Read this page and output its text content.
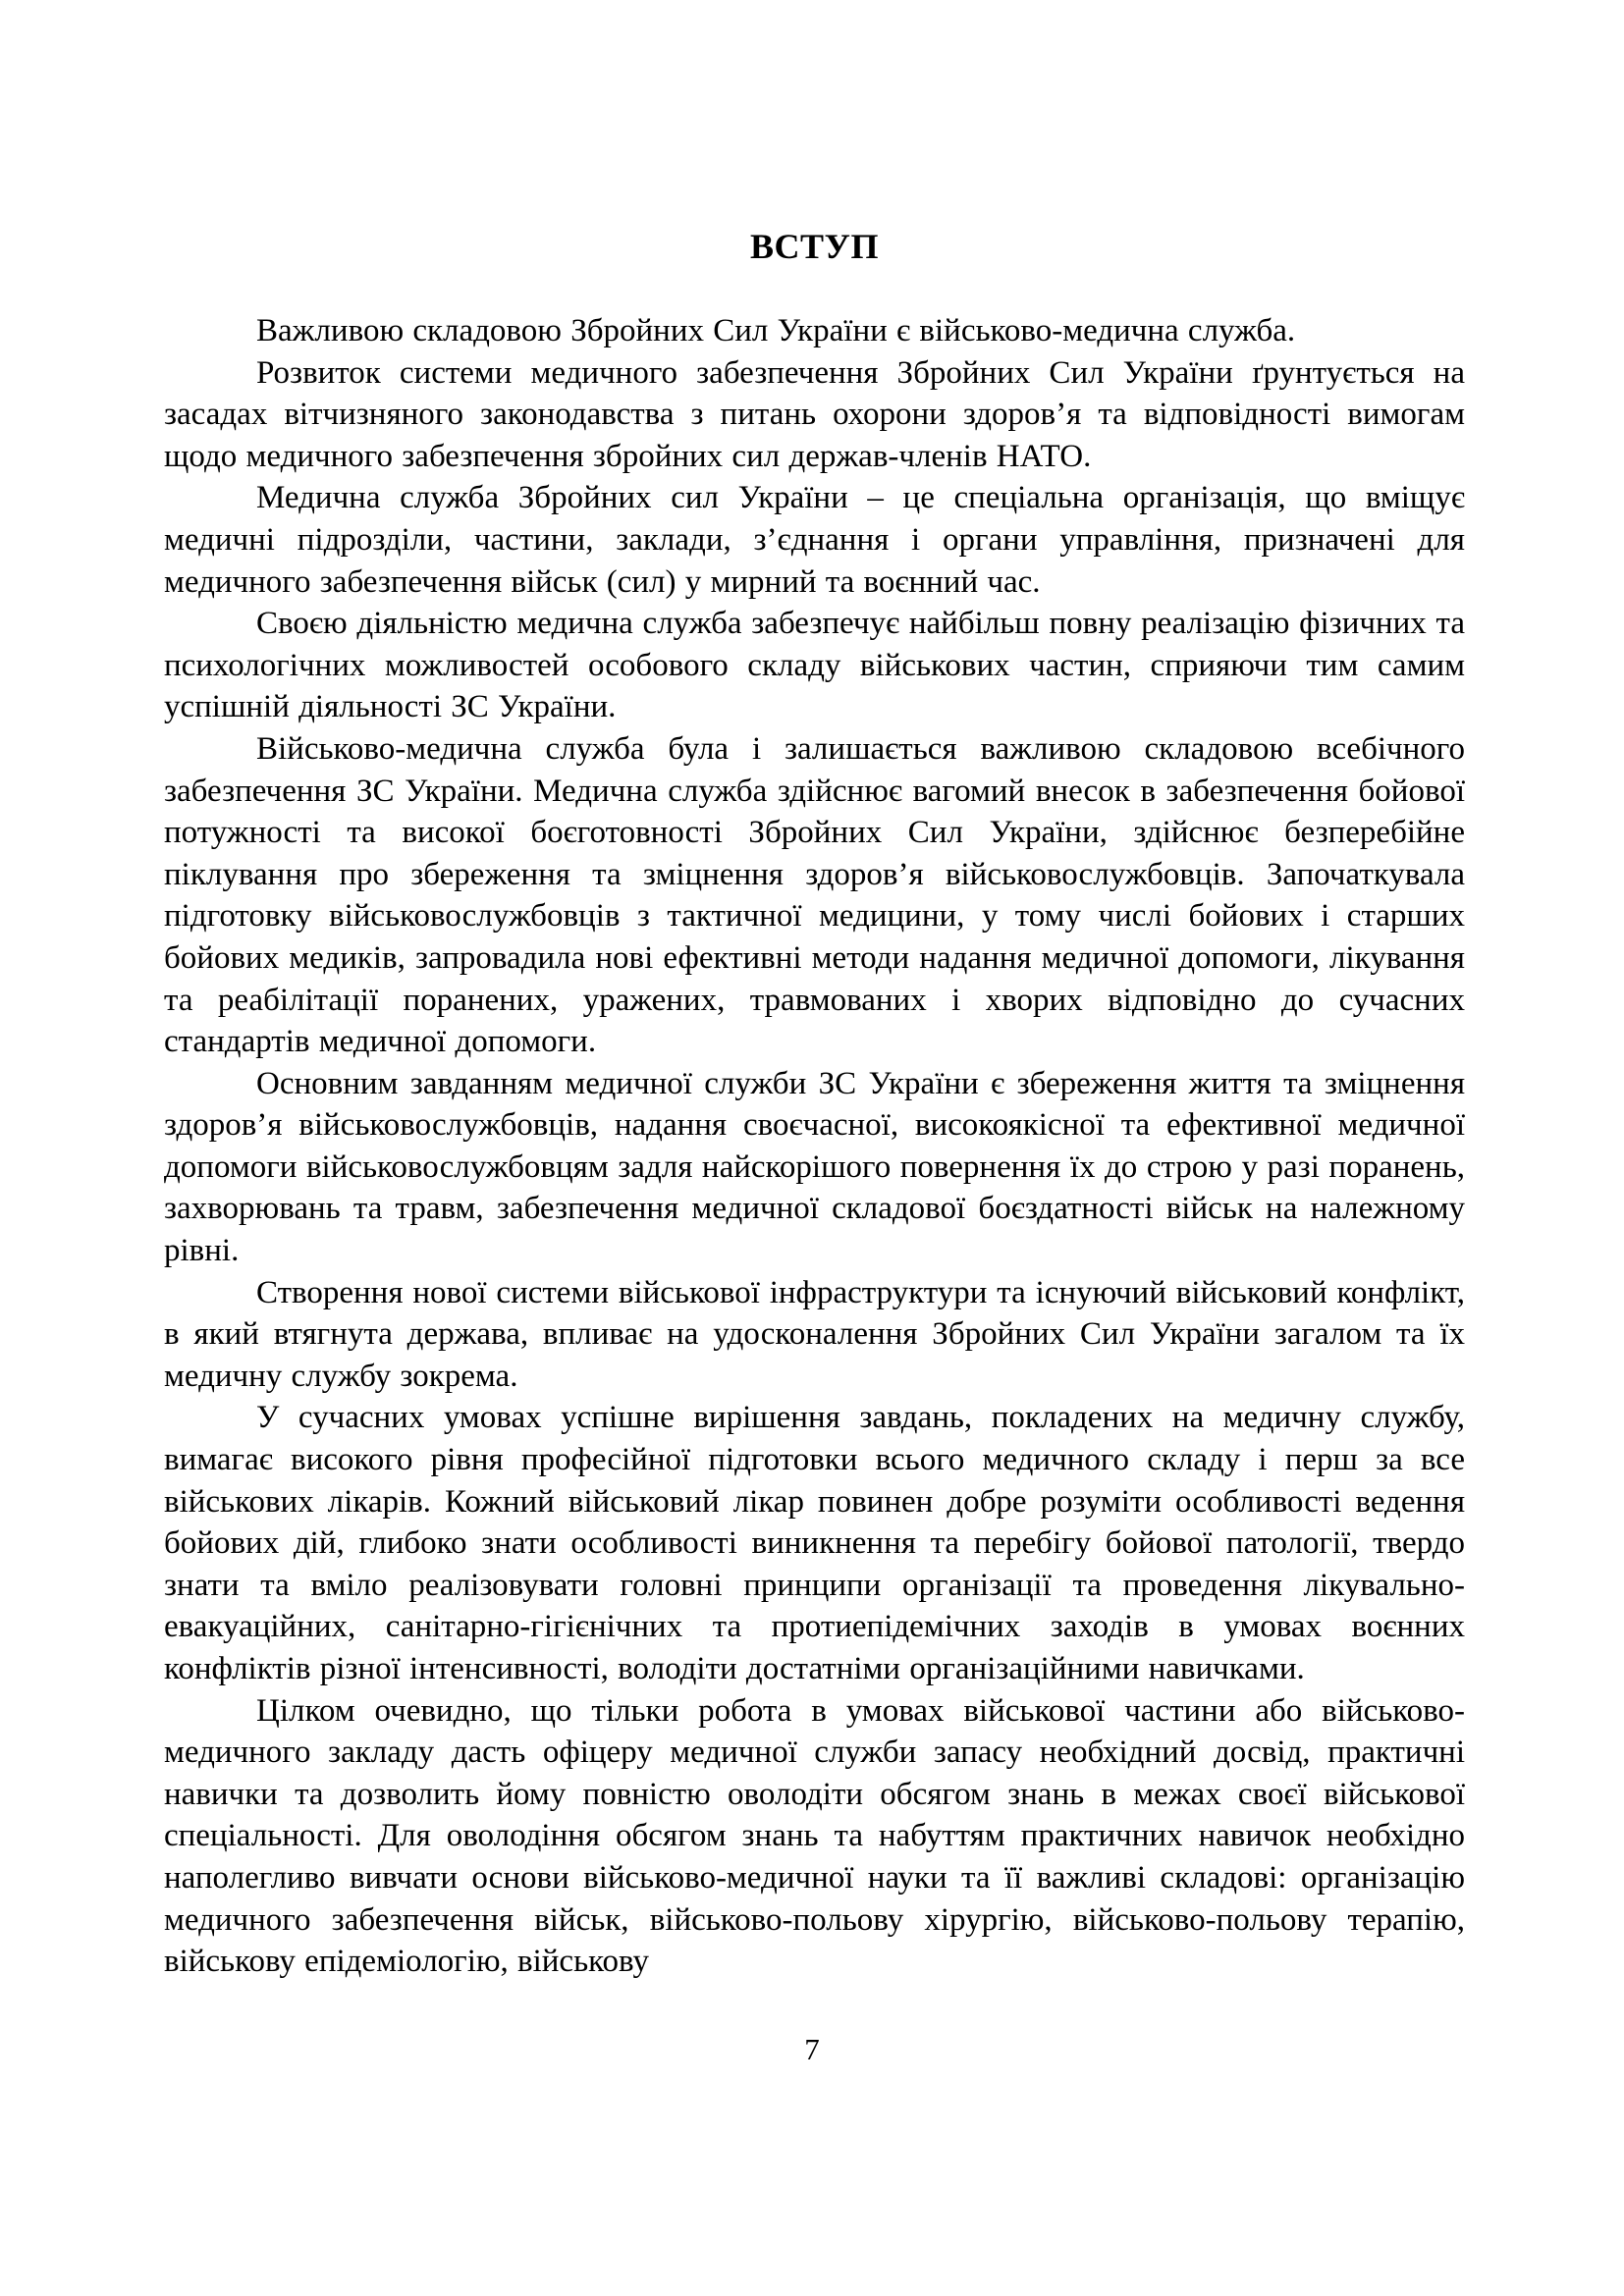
ВСТУП

Важливою складовою Збройних Сил України є військово-медична служба.

Розвиток системи медичного забезпечення Збройних Сил України ґрунтується на засадах вітчизняного законодавства з питань охорони здоров’я та відповідності вимогам щодо медичного забезпечення збройних сил держав-членів НАТО.

Медична служба Збройних сил України – це спеціальна організація, що вміщує медичні підрозділи, частини, заклади, з’єднання і органи управління, призначені для медичного забезпечення військ (сил) у мирний та воєнний час.

Своєю діяльністю медична служба забезпечує найбільш повну реалізацію фізичних та психологічних можливостей особового складу військових частин, сприяючи тим самим успішній діяльності ЗС України.

Військово-медична служба була і залишається важливою складовою всебічного забезпечення ЗС України. Медична служба здійснює вагомий внесок в забезпечення бойової потужності та високої боєготовності Збройних Сил України, здійснює безперебійне піклування про збереження та зміцнення здоров’я військовослужбовців. Започаткувала підготовку військовослужбовців з тактичної медицини, у тому числі бойових і старших бойових медиків, запровадила нові ефективні методи надання медичної допомоги, лікування та реабілітації поранених, уражених, травмованих і хворих відповідно до сучасних стандартів медичної допомоги.

Основним завданням медичної служби ЗС України є збереження життя та зміцнення здоров’я військовослужбовців, надання своєчасної, високоякісної та ефективної медичної допомоги військовослужбовцям задля найскорішого повернення їх до строю у разі поранень, захворювань та травм, забезпечення медичної складової боєздатності військ на належному рівні.

Створення нової системи військової інфраструктури та існуючий військовий конфлікт, в який втягнута держава, впливає на удосконалення Збройних Сил України загалом та їх медичну службу зокрема.

У сучасних умовах успішне вирішення завдань, покладених на медичну службу, вимагає високого рівня професійної підготовки всього медичного складу і перш за все військових лікарів. Кожний військовий лікар повинен добре розуміти особливості ведення бойових дій, глибоко знати особливості виникнення та перебігу бойової патології, твердо знати та вміло реалізовувати головні принципи організації та проведення лікувально-евакуаційних, санітарно-гігієнічних та протиепідемічних заходів в умовах воєнних конфліктів різної інтенсивності, володіти достатніми організаційними навичками.

Цілком очевидно, що тільки робота в умовах військової частини або військово-медичного закладу дасть офіцеру медичної служби запасу необхідний досвід, практичні навички та дозволить йому повністю оволодіти обсягом знань в межах своєї військової спеціальності. Для оволодіння обсягом знань та набуттям практичних навичок необхідно наполегливо вивчати основи військово-медичної науки та її важливі складові: організацію медичного забезпечення військ, військово-польову хірургію, військово-польову терапію, військову епідеміологію, військову

7
